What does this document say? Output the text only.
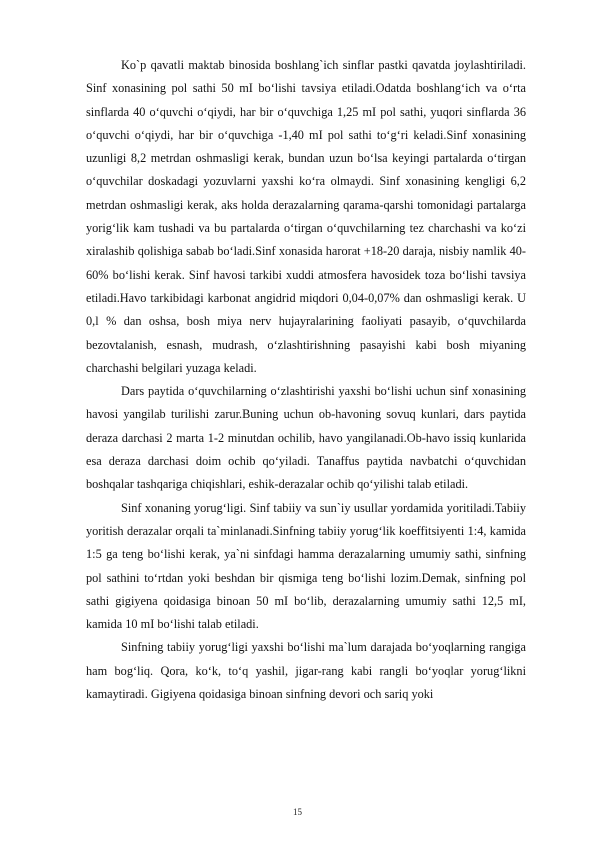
Ko`p qavatli maktab binosida boshlang`ich sinflar pastki qavatda joylashtiriladi. Sinf xonasining pol sathi 50 mI bo‘lishi tavsiya etiladi.Odatda boshlang‘ich va o‘rta sinflarda 40 o‘quvchi o‘qiydi, har bir o‘quvchiga 1,25 mI pol sathi, yuqori sinflarda 36 o‘quvchi o‘qiydi, har bir o‘quvchiga -1,40 mI pol sathi to‘g‘ri keladi.Sinf xonasining uzunligi 8,2 metrdan oshmasligi kerak, bundan uzun bo‘lsa keyingi partalarda o‘tirgan o‘quvchilar doskadagi yozuvlarni yaxshi ko‘ra olmaydi. Sinf xonasining kengligi 6,2 metrdan oshmasligi kerak, aks holda derazalarning qarama-qarshi tomonidagi partalarga yorig‘lik kam tushadi va bu partalarda o‘tirgan o‘quvchilarning tez charchashi va ko‘zi xiralashib qolishiga sabab bo‘ladi.Sinf xonasida harorat +18-20 daraja, nisbiy namlik 40-60% bo‘lishi kerak. Sinf havosi tarkibi xuddi atmosfera havosidek toza bo‘lishi tavsiya etiladi.Havo tarkibidagi karbonat angidrid miqdori 0,04-0,07% dan oshmasligi kerak. U 0,l % dan oshsa, bosh miya nerv hujayralarining faoliyati pasayib, o‘quvchilarda bezovtalanish, esnash, mudrash, o‘zlashtirishning pasayishi kabi bosh miyaning charchashi belgilari yuzaga keladi.

Dars paytida o‘quvchilarning o‘zlashtirishi yaxshi bo‘lishi uchun sinf xonasining havosi yangilab turilishi zarur.Buning uchun ob-havoning sovuq kunlari, dars paytida deraza darchasi 2 marta 1-2 minutdan ochilib, havo yangilanadi.Ob-havo issiq kunlarida esa deraza darchasi doim ochib qo‘yiladi. Tanaffus paytida navbatchi o‘quvchidan boshqalar tashqariga chiqishlari, eshik-derazalar ochib qo‘yilishi talab etiladi.

Sinf xonaning yorug‘ligi. Sinf tabiiy va sun`iy usullar yordamida yoritiladi.Tabiiy yoritish derazalar orqali ta`minlanadi.Sinfning tabiiy yorug‘lik koeffitsiyenti 1:4, kamida 1:5 ga teng bo‘lishi kerak, ya`ni sinfdagi hamma derazalarning umumiy sathi, sinfning pol sathini to‘rtdan yoki beshdan bir qismiga teng bo‘lishi lozim.Demak, sinfning pol sathi gigiyena qoidasiga binoan 50 mI bo‘lib, derazalarning umumiy sathi 12,5 mI, kamida 10 mI bo‘lishi talab etiladi.

Sinfning tabiiy yorug‘ligi yaxshi bo‘lishi ma`lum darajada bo‘yoqlarning rangiga ham bog‘liq. Qora, ko‘k, to‘q yashil, jigar-rang kabi rangli bo‘yoqlar yorug‘likni kamaytiradi. Gigiyena qoidasiga binoan sinfning devori och sariq yoki

15
